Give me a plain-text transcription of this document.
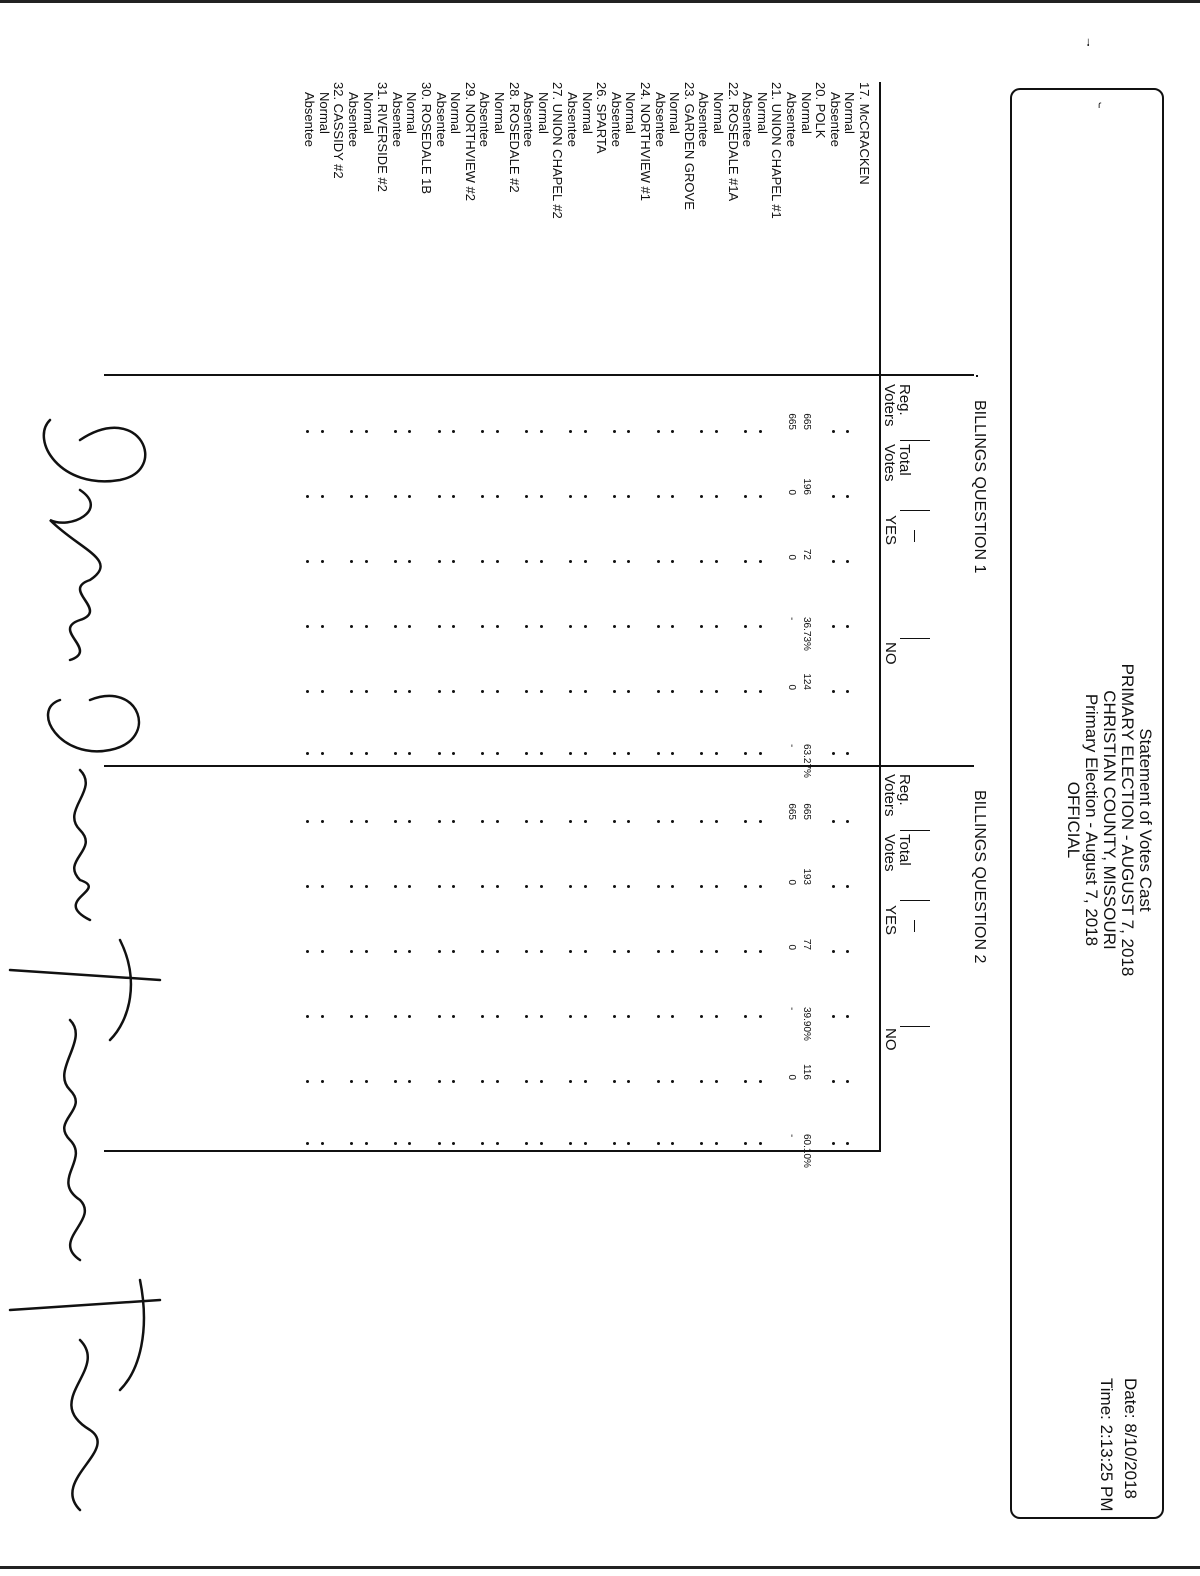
ᛍ
ɾ
Statement of Votes Cast
PRIMARY ELECTION - AUGUST 7, 2018
CHRISTIAN COUNTY, MISSOURI
Primary Election - August 7, 2018
OFFICIAL
Date: 8/10/2018
Time: 2:13:25 PM
BILLINGS QUESTION 1
BILLINGS QUESTION 2
Reg.
Voters
Total
Votes
YES
NO
Reg.
Voters
Total
Votes
YES
NO
17. McCRACKEN
Normal
Absentee
20. POLK
Normal
665
196
72
36.73%
124
63.27%
665
193
77
39.90%
116
60.10%
Absentee
665
0
0
-
0
-
665
0
0
-
0
-
21. UNION CHAPEL #1
Normal
Absentee
22. ROSEDALE #1A
Normal
Absentee
23. GARDEN GROVE
Normal
Absentee
24. NORTHVIEW #1
Normal
Absentee
26. SPARTA
Normal
Absentee
27. UNION CHAPEL #2
Normal
Absentee
28. ROSEDALE #2
Normal
Absentee
29. NORTHVIEW #2
Normal
Absentee
30. ROSEDALE 1B
Normal
Absentee
31. RIVERSIDE #2
Normal
Absentee
32. CASSIDY #2
Normal
Absentee
